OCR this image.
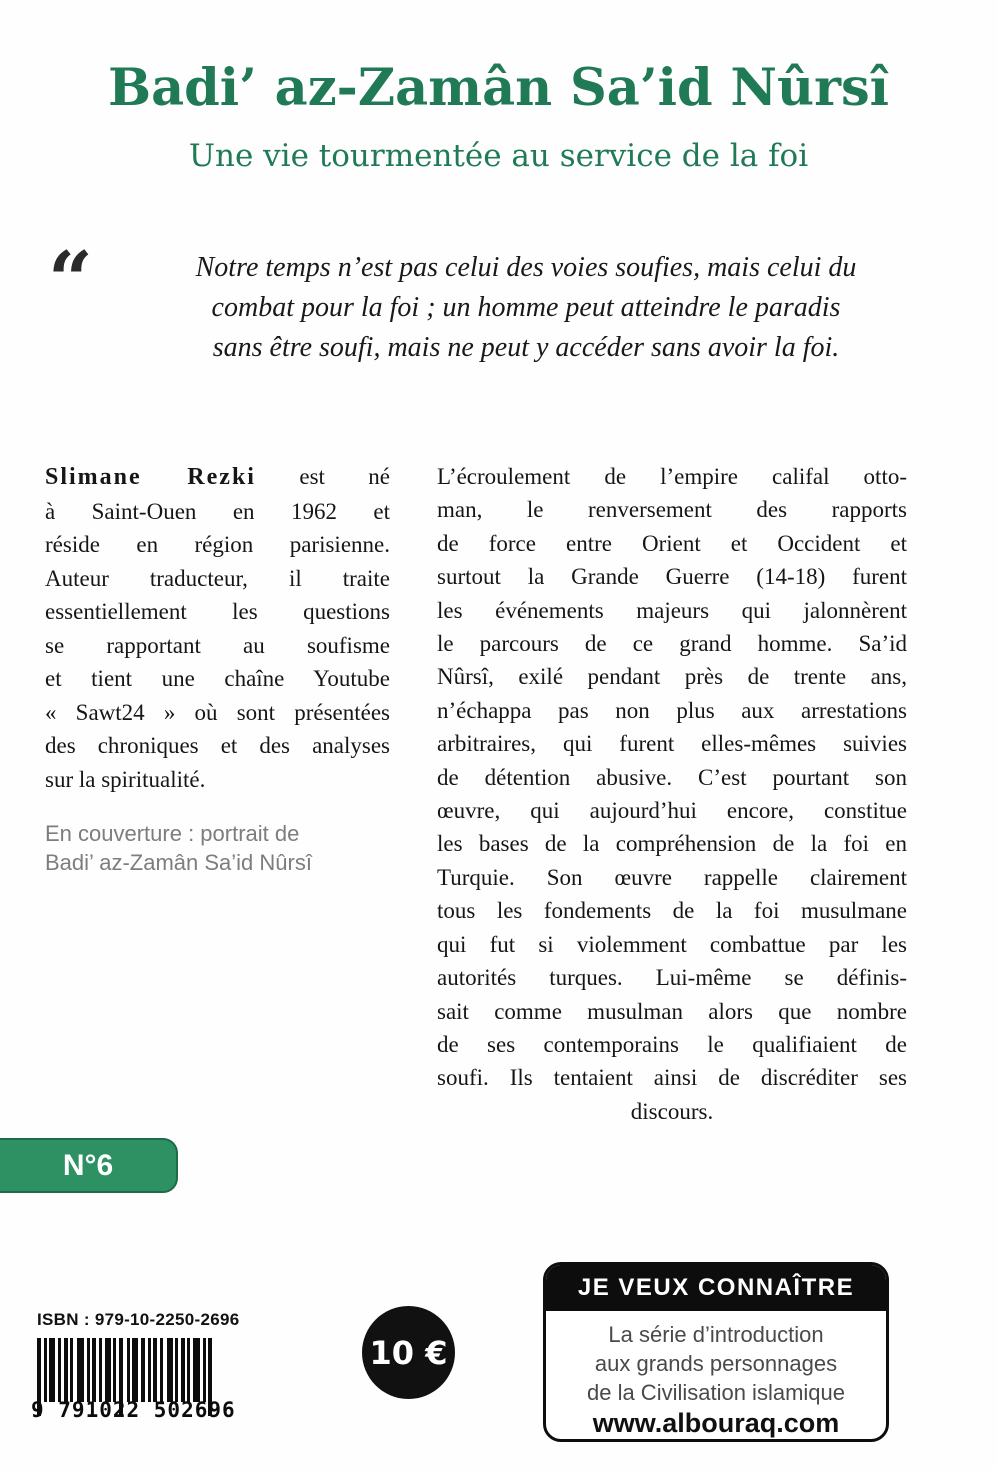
Badi’ az-Zamân Sa’id Nûrsî
Une vie tourmentée au service de la foi
“	Notre temps n’est pas celui des voies soufies, mais celui du
combat pour la foi ; un homme peut atteindre le paradis
sans être soufi, mais ne peut y accéder sans avoir la foi.
Slimane Rezki est né
à Saint-Ouen en 1962 et
réside en région parisienne.
Auteur traducteur, il traite
essentiellement les questions
se rapportant au soufisme
et tient une chaîne Youtube
« Sawt24 » où sont présentées
des chroniques et des analyses
sur la spiritualité.
En couverture : portrait de
Badi’ az-Zamân Sa’id Nûrsî
L’écroulement de l’empire califal otto-
man, le renversement des rapports
de force entre Orient et Occident et
surtout la Grande Guerre (14-18) furent
les événements majeurs qui jalonnèrent
le parcours de ce grand homme. Sa’id
Nûrsî, exilé pendant près de trente ans,
n’échappa pas non plus aux arrestations
arbitraires, qui furent elles-mêmes suivies
de détention abusive. C’est pourtant son
œuvre, qui aujourd’hui encore, constitue
les bases de la compréhension de la foi en
Turquie. Son œuvre rappelle clairement
tous les fondements de la foi musulmane
qui fut si violemment combattue par les
autorités turques. Lui-même se définis-
sait comme musulman alors que nombre
de ses contemporains le qualifiaient de
soufi. Ils tentaient ainsi de discréditer ses
discours.
N°6
ISBN : 979-10-2250-2696
9 791022 502696
10 €
JE VEUX CONNAÎTRE
La série d’introduction
aux grands personnages
de la Civilisation islamique
www.albouraq.com
